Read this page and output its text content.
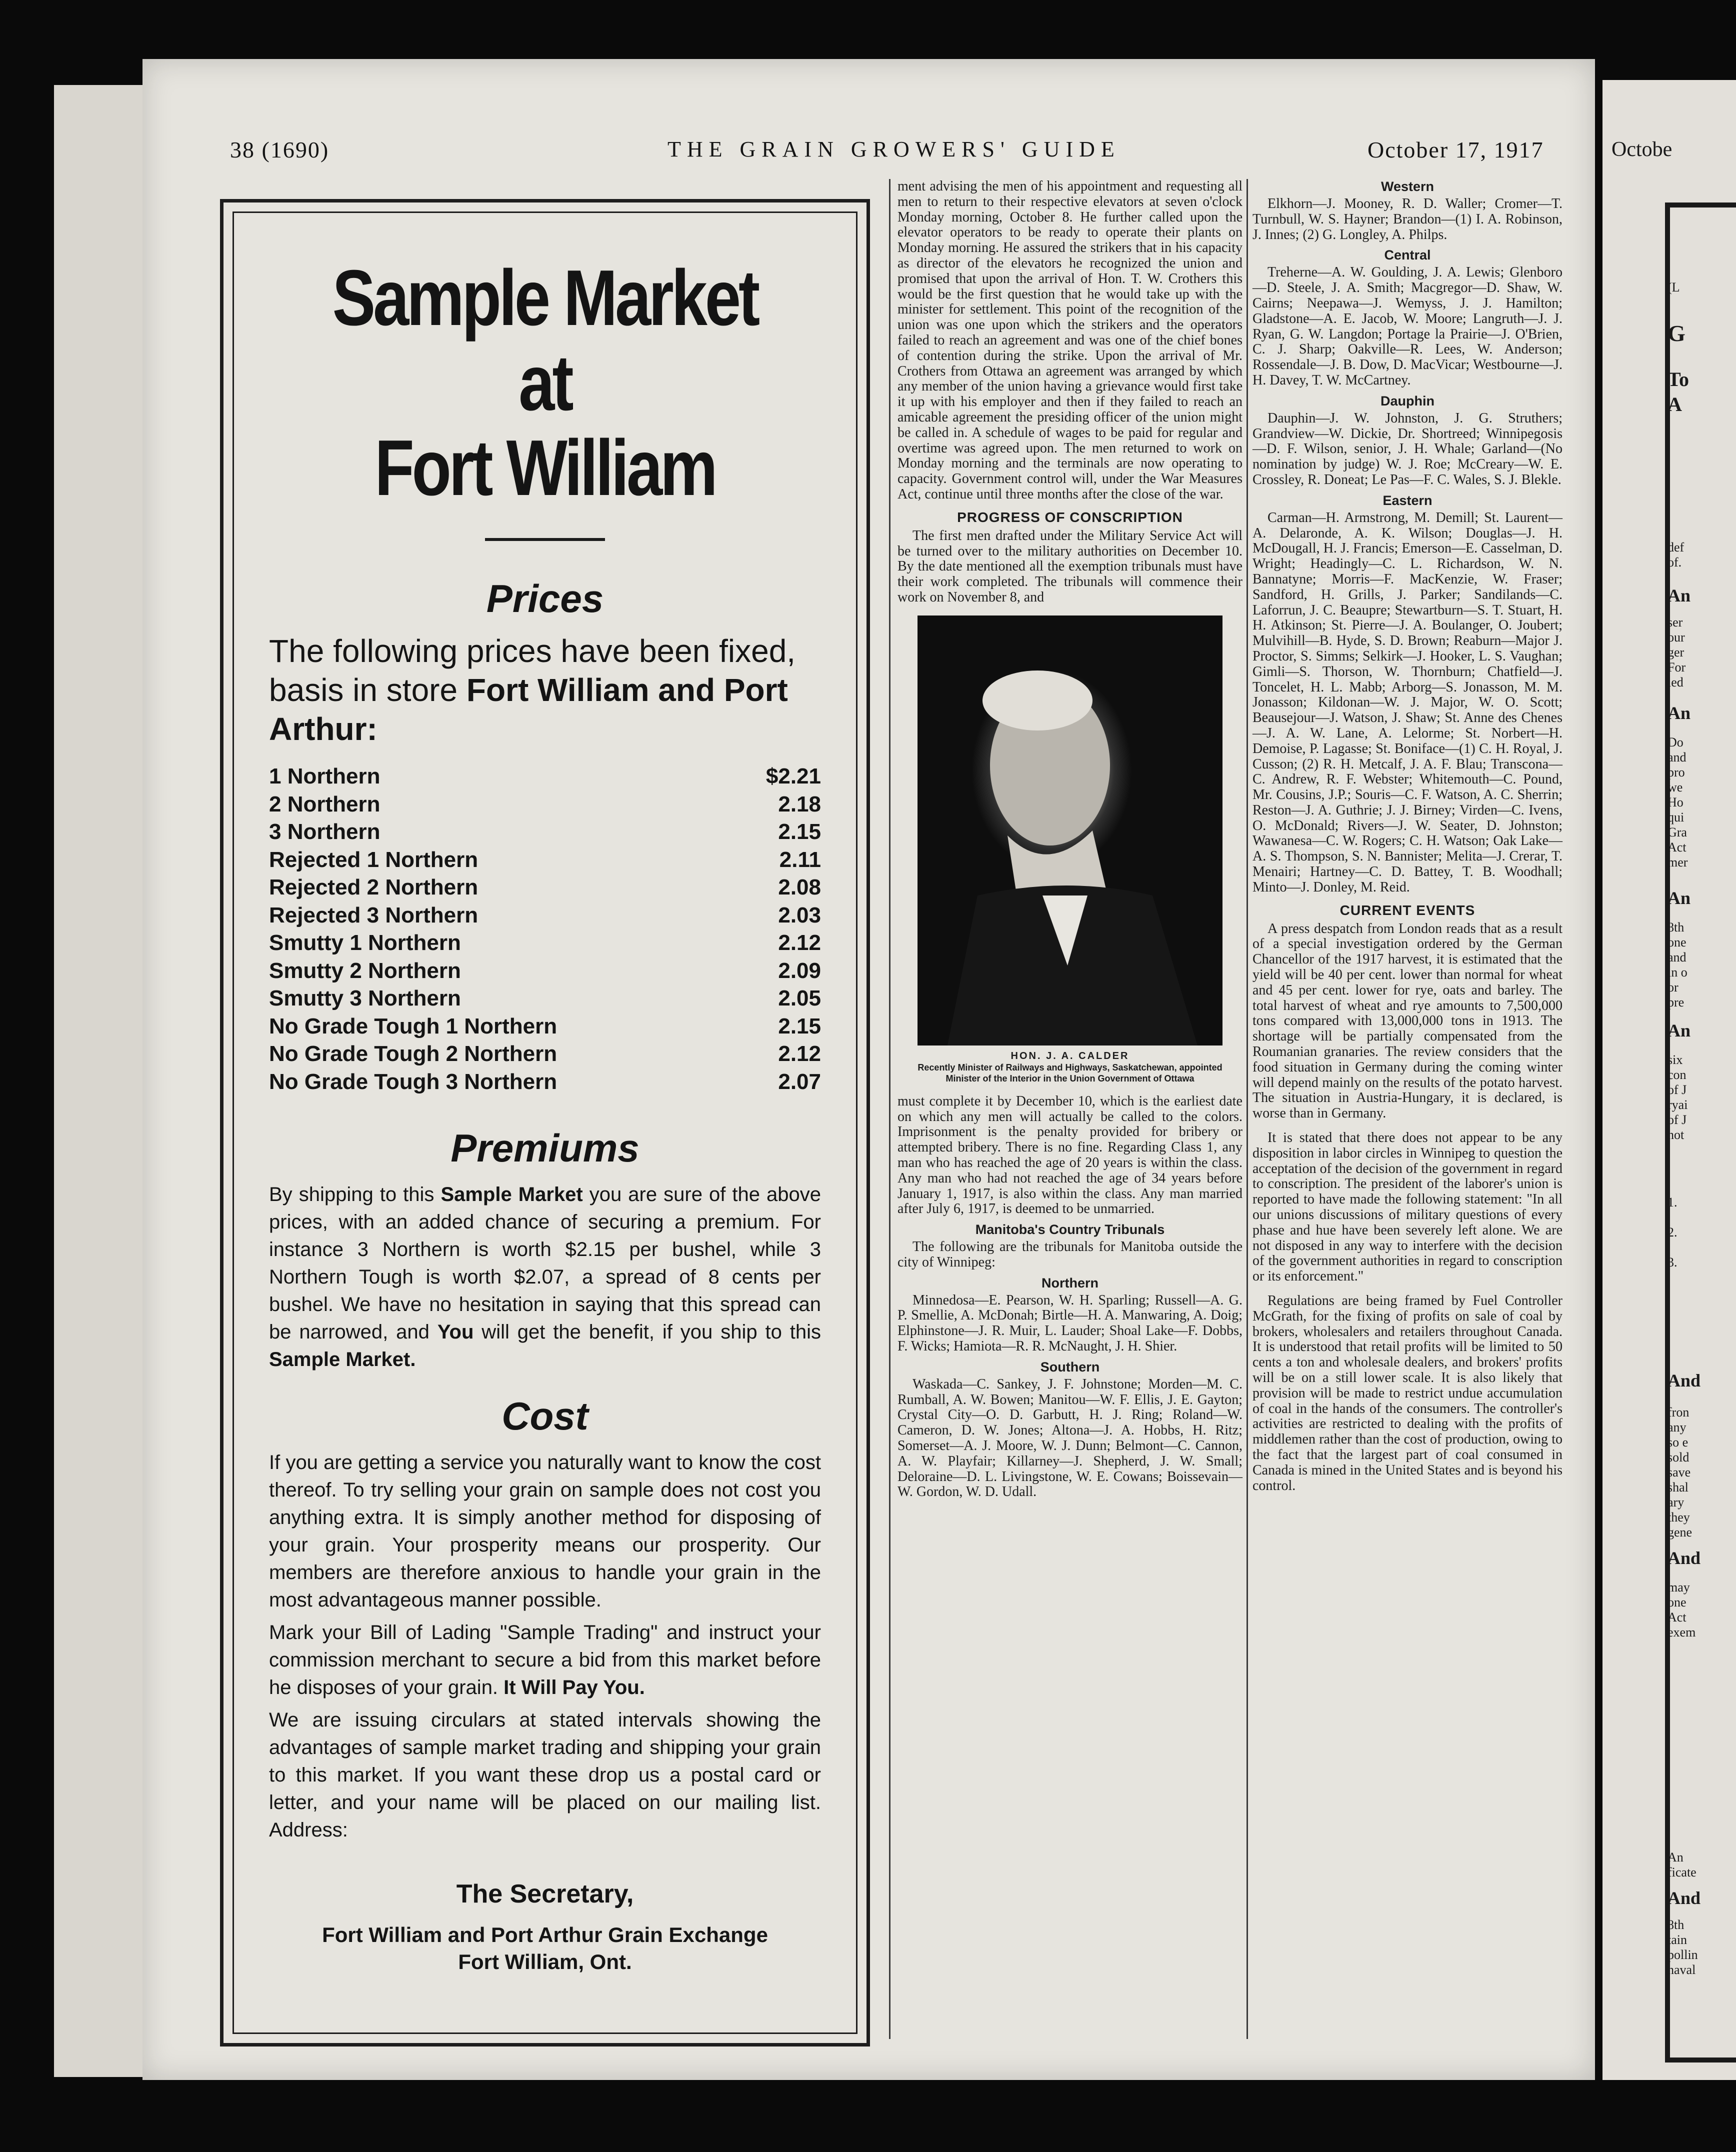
38 (1690)	THE GRAIN GROWERS' GUIDE	October 17, 1917
Sample Market at
Fort William
Prices
The following prices have been fixed, basis in store Fort William and Port Arthur:
1 Northern	$2.21
2 Northern	2.18
3 Northern	2.15
Rejected 1 Northern	2.11
Rejected 2 Northern	2.08
Rejected 3 Northern	2.03
Smutty 1 Northern	2.12
Smutty 2 Northern	2.09
Smutty 3 Northern	2.05
No Grade Tough 1 Northern	2.15
No Grade Tough 2 Northern	2.12
No Grade Tough 3 Northern	2.07
Premiums

By shipping to this Sample Market you are sure of the above prices, with an added chance of securing a premium. For instance 3 Northern is worth $2.15 per bushel, while 3 Northern Tough is worth $2.07, a spread of 8 cents per bushel. We have no hesitation in saying that this spread can be narrowed, and You will get the benefit, if you ship to this Sample Market.

Cost

If you are getting a service you naturally want to know the cost thereof. To try selling your grain on sample does not cost you anything extra. It is simply another method for disposing of your grain. Your prosperity means our prosperity. Our members are therefore anxious to handle your grain in the most advantageous manner possible.

Mark your Bill of Lading "Sample Trading" and instruct your commission merchant to secure a bid from this market before he disposes of your grain. It Will Pay You.

We are issuing circulars at stated intervals showing the advantages of sample market trading and shipping your grain to this market. If you want these drop us a postal card or letter, and your name will be placed on our mailing list. Address:

The Secretary,
Fort William and Port Arthur Grain Exchange
Fort William, Ont.

ment advising the men of his appointment and requesting all men to return to their respective elevators at seven o'clock Monday morning, October 8. He further called upon the elevator operators to be ready to operate their plants on Monday morning. He assured the strikers that in his capacity as director of the elevators he recognized the union and promised that upon the arrival of Hon. T. W. Crothers this would be the first question that he would take up with the minister for settlement. This point of the recognition of the union was one upon which the strikers and the operators failed to reach an agreement and was one of the chief bones of contention during the strike. Upon the arrival of Mr. Crothers from Ottawa an agreement was arranged by which any member of the union having a grievance would first take it up with his employer and then if they failed to reach an amicable agreement the presiding officer of the union might be called in. A schedule of wages to be paid for regular and overtime was agreed upon. The men returned to work on Monday morning and the terminals are now operating to capacity. Government control will, under the War Measures Act, continue until three months after the close of the war.

PROGRESS OF CONSCRIPTION

The first men drafted under the Military Service Act will be turned over to the military authorities on December 10. By the date mentioned all the exemption tribunals must have their work completed. The tribunals will commence their work on November 8, and

HON. J. A. CALDER

Recently Minister of Railways and Highways, Saskatchewan, appointed Minister of the Interior in the Union Government of Ottawa

must complete it by December 10, which is the earliest date on which any men will actually be called to the colors. Imprisonment is the penalty provided for bribery or attempted bribery. There is no fine. Regarding Class 1, any man who has reached the age of 20 years is within the class. Any man who had not reached the age of 34 years before January 1, 1917, is also within the class. Any man married after July 6, 1917, is deemed to be unmarried.

Manitoba's Country Tribunals

The following are the tribunals for Manitoba outside the city of Winnipeg:

Northern

Minnedosa—E. Pearson, W. H. Sparling; Russell—A. G. P. Smellie, A. McDonah; Birtle—H. A. Manwaring, A. Doig; Elphinstone—J. R. Muir, L. Lauder; Shoal Lake—F. Dobbs, F. Wicks; Hamiota—R. R. McNaught, J. H. Shier.

Southern

Waskada—C. Sankey, J. F. Johnstone; Morden—M. C. Rumball, A. W. Bowen; Manitou—W. F. Ellis, J. E. Gayton; Crystal City—O. D. Garbutt, H. J. Ring; Roland—W. Cameron, D. W. Jones; Altona—J. A. Hobbs, H. Ritz; Somerset—A. J. Moore, W. J. Dunn; Belmont—C. Cannon, A. W. Playfair; Killarney—J. Shepherd, J. W. Small; Deloraine—D. L. Livingstone, W. E. Cowans; Boissevain—W. Gordon, W. D. Udall.

Western

Elkhorn—J. Mooney, R. D. Waller; Cromer—T. Turnbull, W. S. Hayner; Brandon—(1) I. A. Robinson, J. Innes; (2) G. Longley, A. Philps.

Central

Treherne—A. W. Goulding, J. A. Lewis; Glenboro—D. Steele, J. A. Smith; Macgregor—D. Shaw, W. Cairns; Neepawa—J. Wemyss, J. J. Hamilton; Gladstone—A. E. Jacob, W. Moore; Langruth—J. J. Ryan, G. W. Langdon; Portage la Prairie—J. O'Brien, C. J. Sharp; Oakville—R. Lees, W. Anderson; Rossendale—J. B. Dow, D. MacVicar; Westbourne—J. H. Davey, T. W. McCartney.

Dauphin

Dauphin—J. W. Johnston, J. G. Struthers; Grandview—W. Dickie, Dr. Shortreed; Winnipegosis—D. F. Wilson, senior, J. H. Whale; Garland—(No nomination by judge) W. J. Roe; McCreary—W. E. Crossley, R. Doneat; Le Pas—F. C. Wales, S. J. Blekle.

Eastern

Carman—H. Armstrong, M. Demill; St. Laurent—A. Delaronde, A. K. Wilson; Douglas—J. H. McDougall, H. J. Francis; Emerson—E. Casselman, D. Wright; Headingly—C. L. Richardson, W. N. Bannatyne; Morris—F. MacKenzie, W. Fraser; Sandford, H. Grills, J. Parker; Sandilands—C. Laforrun, J. C. Beaupre; Stewartburn—S. T. Stuart, H. H. Atkinson; St. Pierre—J. A. Boulanger, O. Joubert; Mulvihill—B. Hyde, S. D. Brown; Reaburn—Major J. Proctor, S. Simms; Selkirk—J. Hooker, L. S. Vaughan; Gimli—S. Thorson, W. Thornburn; Chatfield—J. Toncelet, H. L. Mabb; Arborg—S. Jonasson, M. M. Jonasson; Kildonan—W. J. Major, W. O. Scott; Beausejour—J. Watson, J. Shaw; St. Anne des Chenes—J. A. W. Lane, A. Lelorme; St. Norbert—H. Demoise, P. Lagasse; St. Boniface—(1) C. H. Royal, J. Cusson; (2) R. H. Metcalf, J. A. F. Blau; Transcona—C. Andrew, R. F. Webster; Whitemouth—C. Pound, Mr. Cousins, J.P.; Souris—C. F. Watson, A. C. Sherrin; Reston—J. A. Guthrie; J. J. Birney; Virden—C. Ivens, O. McDonald; Rivers—J. W. Seater, D. Johnston; Wawanesa—C. W. Rogers; C. H. Watson; Oak Lake—A. S. Thompson, S. N. Bannister; Melita—J. Crerar, T. Menairi; Hartney—C. D. Battey, T. B. Woodhall; Minto—J. Donley, M. Reid.

CURRENT EVENTS

A press despatch from London reads that as a result of a special investigation ordered by the German Chancellor of the 1917 harvest, it is estimated that the yield will be 40 per cent. lower than normal for wheat and 45 per cent. lower for rye, oats and barley. The total harvest of wheat and rye amounts to 7,500,000 tons compared with 13,000,000 tons in 1913. The shortage will be partially compensated from the Roumanian granaries. The review considers that the food situation in Germany during the coming winter will depend mainly on the results of the potato harvest. The situation in Austria-Hungary, it is declared, is worse than in Germany.

It is stated that there does not appear to be any disposition in labor circles in Winnipeg to question the acceptation of the decision of the government in regard to conscription. The president of the laborer's union is reported to have made the following statement: "In all our unions discussions of military questions of every phase and hue have been severely left alone. We are not disposed in any way to interfere with the decision of the government authorities in regard to conscription or its enforcement."

Regulations are being framed by Fuel Controller McGrath, for the fixing of profits on sale of coal by brokers, wholesalers and retailers throughout Canada. It is understood that retail profits will be limited to 50 cents a ton and wholesale dealers, and brokers' profits will be on a still lower scale. It is also likely that provision will be made to restrict undue accumulation of coal in the hands of the consumers. The controller's activities are restricted to dealing with the profits of middlemen rather than the cost of production, owing to the fact that the largest part of coal consumed in Canada is mined in the United States and is beyond his control.

Octobe
(L
G
To
A
def
of.
An
ser
our
ger
For
led
An
Do
and
pro
we
Ho
qui
Gra
Act
mer
An
8th
one
and
in o
or
pre
An
six
con
of J
ryai
of J
not
1.
2.
3.
And
fron
any
so e
sold
save
shal
ary
they
gene
And
may
one
Act
exem
An
ficate
And
8th
tain
pollin
naval
